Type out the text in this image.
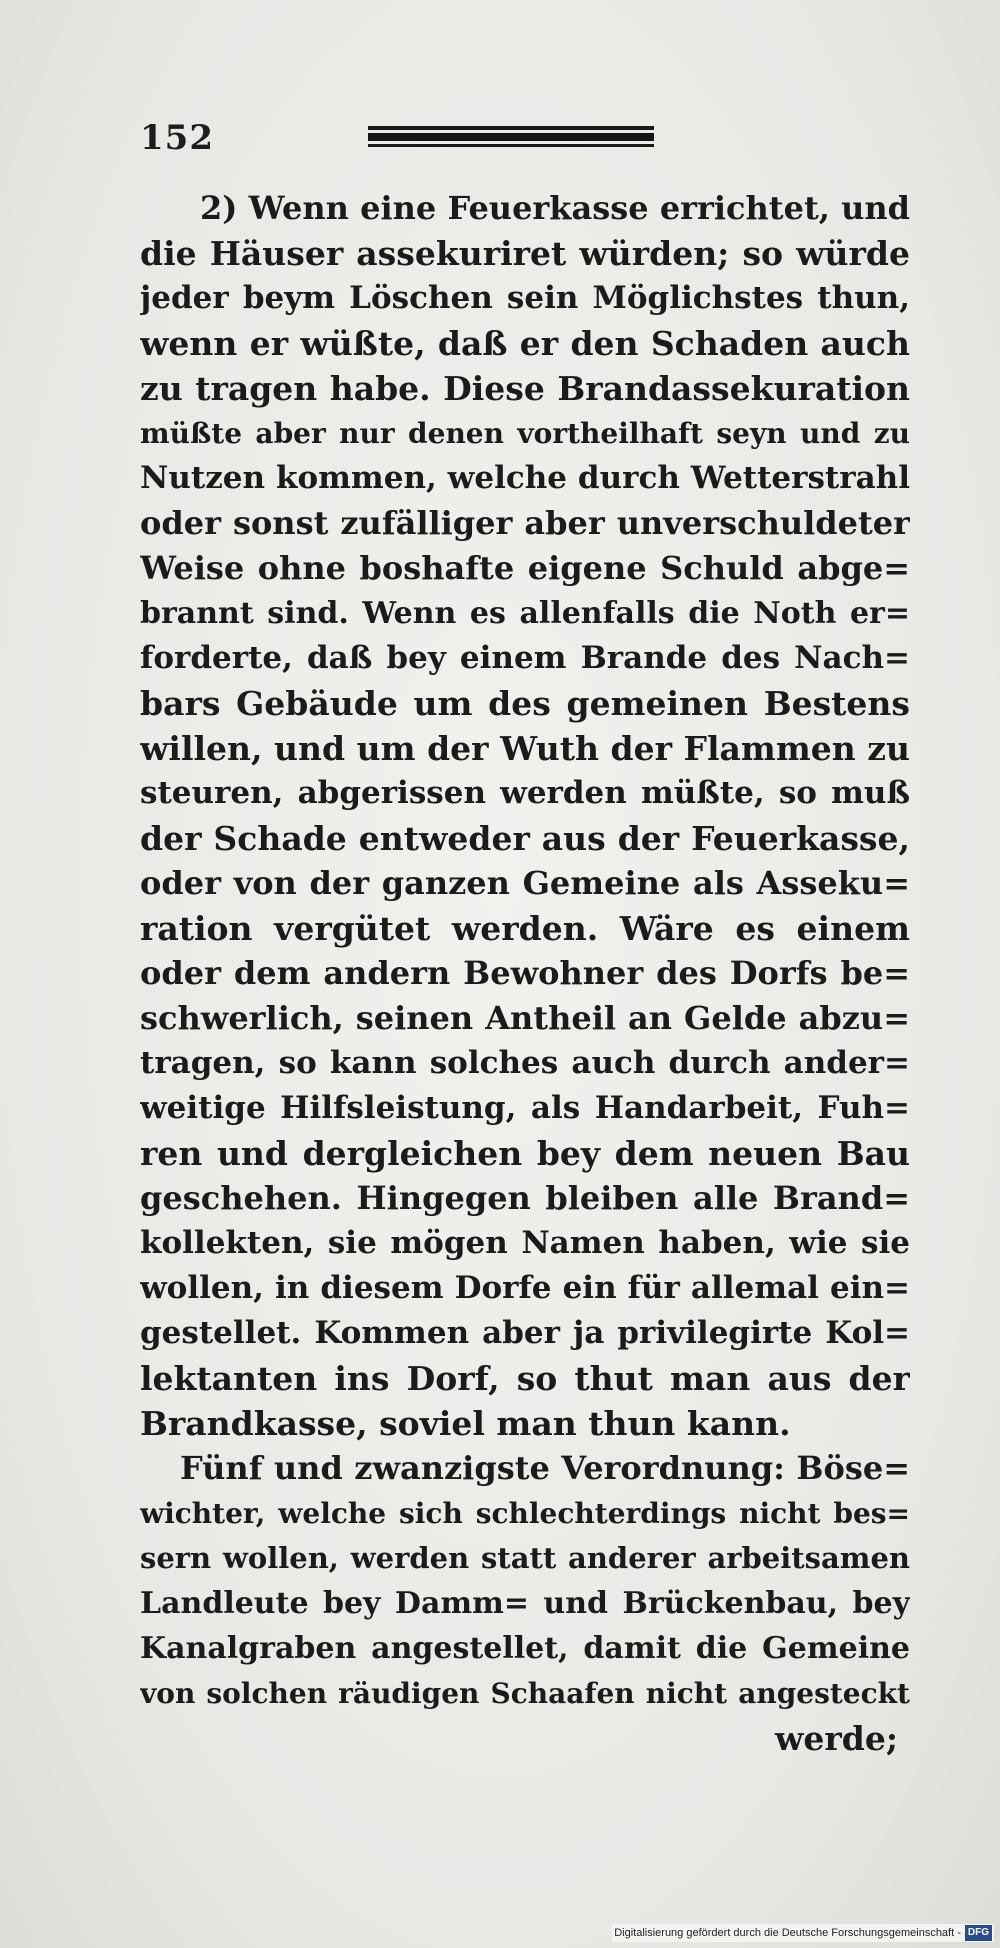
152
2) Wenn eine Feuerkasse errichtet, und
die Häuser assekuriret würden; so würde
jeder beym Löschen sein Möglichstes thun,
wenn er wüßte, daß er den Schaden auch
zu tragen habe. Diese Brandassekuration
müßte aber nur denen vortheilhaft seyn und zu
Nutzen kommen, welche durch Wetterstrahl
oder sonst zufälliger aber unverschuldeter
Weise ohne boshafte eigene Schuld abge=
brannt sind. Wenn es allenfalls die Noth er=
forderte, daß bey einem Brande des Nach=
bars Gebäude um des gemeinen Bestens
willen, und um der Wuth der Flammen zu
steuren, abgerissen werden müßte, so muß
der Schade entweder aus der Feuerkasse,
oder von der ganzen Gemeine als Asseku=
ration vergütet werden. Wäre es einem
oder dem andern Bewohner des Dorfs be=
schwerlich, seinen Antheil an Gelde abzu=
tragen, so kann solches auch durch ander=
weitige Hilfsleistung, als Handarbeit, Fuh=
ren und dergleichen bey dem neuen Bau
geschehen. Hingegen bleiben alle Brand=
kollekten, sie mögen Namen haben, wie sie
wollen, in diesem Dorfe ein für allemal ein=
gestellet. Kommen aber ja privilegirte Kol=
lektanten ins Dorf, so thut man aus der
Brandkasse, soviel man thun kann.
Fünf und zwanzigste Verordnung: Böse=
wichter, welche sich schlechterdings nicht bes=
sern wollen, werden statt anderer arbeitsamen
Landleute bey Damm= und Brückenbau, bey
Kanalgraben angestellet, damit die Gemeine
von solchen räudigen Schaafen nicht angesteckt
werde;
Digitalisierung gefördert durch die Deutsche Forschungsgemeinschaft - DFG
